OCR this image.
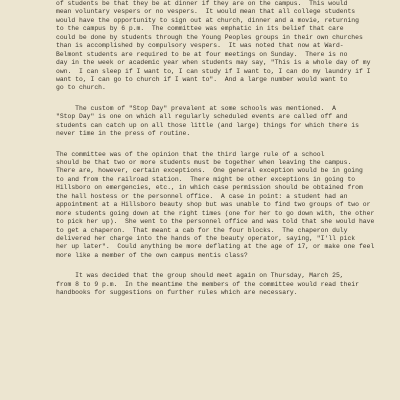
of students be that they be at dinner if they are on the campus.  This would
mean voluntary vespers or no vespers.  It would mean that all college students
would have the opportunity to sign out at church, dinner and a movie, returning
to the campus by 6 p.m.  The committee was emphatic in its belief that care
could be done by students through the Young Peoples groups in their own churches
than is accomplished by compulsory vespers.  It was noted that now at Ward-
Belmont students are required to be at four meetings on Sunday.  There is no
day in the week or academic year when students may say, "This is a whole day of my
own.  I can sleep if I want to, I can study if I want to, I can do my laundry if I
want to, I can go to church if I want to".  And a large number would want to
go to church.
The custom of "Stop Day" prevalent at some schools was mentioned.  A
"Stop Day" is one on which all regularly scheduled events are called off and
students can catch up on all those little (and large) things for which there is
never time in the press of routine.
The committee was of the opinion that the third large rule of a school
should be that two or more students must be together when leaving the campus.
There are, however, certain exceptions.  One general exception would be in going
to and from the railroad station.  There might be other exceptions in going to
Hillsboro on emergencies, etc., in which case permission should be obtained from
the hall hostess or the personnel office.  A case in point: a student had an
appointment at a Hillsboro beauty shop but was unable to find two groups of two or
more students going down at the right times (one for her to go down with, the other
to pick her up).  She went to the personnel office and was told that she would have
to get a chaperon.  That meant a cab for the four blocks.  The chaperon duly
delivered her charge into the hands of the beauty operator, saying, "I'll pick
her up later".  Could anything be more deflating at the age of 17, or make one feel
more like a member of the own campus mentis class?
It was decided that the group should meet again on Thursday, March 25,
from 8 to 9 p.m.  In the meantime the members of the committee would read their
handbooks for suggestions on further rules which are necessary.
